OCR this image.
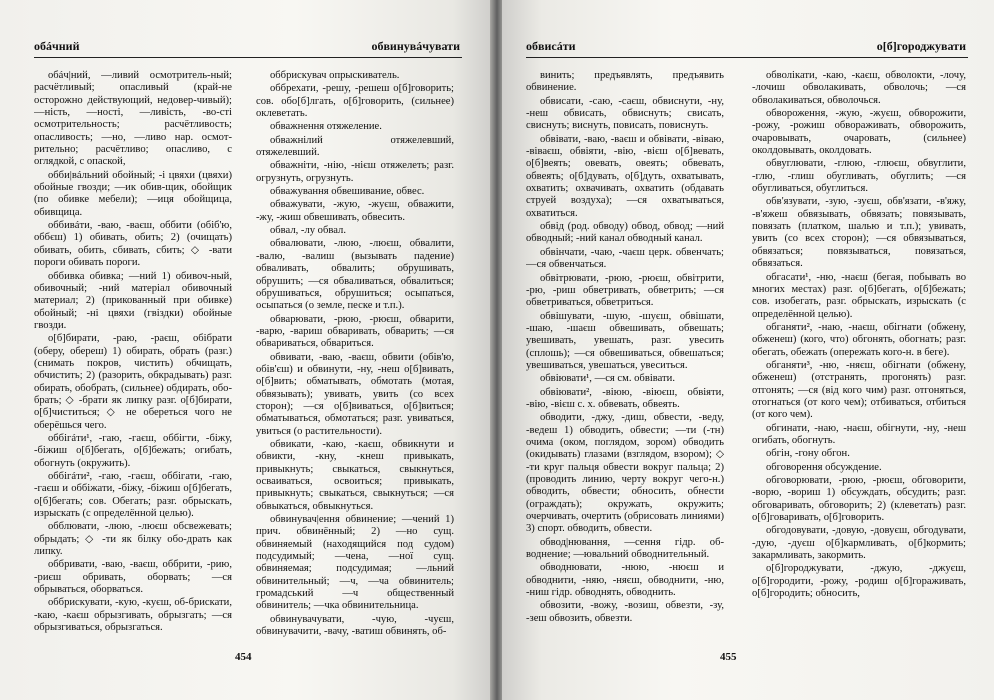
обáчний	обвинувáчувати

обáч|ний, —ливий осмотритель-ный; расчётливый; опасливый (край-не осторожно действующий, недовер-чивый); —ність, —ності, —ливість, -во-сті осмотрительность; расчётливость; опасливость; —но, —ливо нар. осмот-рительно; расчётливо; опасливо, с оглядкой, с опаской,

обби|вáльний обойный; -i цвяхи (цвяхи) обойные гвозди; —ик обив-щик, обойщик (по обивке мебели); —иця обойщица, обивщица.

оббивáти, -ваю, -ваєш, оббити (обіб'ю, оббєш) 1) обивать, обить; 2) (очищать) обивать, обить, сбивать, сбить; ◇ -вати пороги обивать пороги.

оббивка обивка; —ний 1) обивоч-ный, обивочный; -ний матеріал обивочный материал; 2) (прикованный при обивке) обойный; -ні цвяхи (гвіздки) обойные гвозди.

о[б]бирати, -раю, -раєш, обібрати (оберу, обереш) 1) обирать, обрать (разг.) (снимать покров, чистить) обчищать, обчистить; 2) (разорить, обкрадывать) разг. обирать, обобрать, (сильнее) обдирать, обо-брать; ◇ -брати як липку разг. о[б]бирати, о[б]чиститься; ◇ не обереться чого не оберёшься чего.

оббігáти¹, -гаю, -гаєш, оббігти, -біжу, -біжиш о[б]бегать, о[б]бежать; огибать, обогнуть (окружить).

оббігáти², -гаю, -гаєш, оббігати, -гаю, -гаєш и оббіжати, -біжу, -біжиш о[б]бегать, о[б]бегать; сов. Обегать; разг. обрыскать, изрыскать (с определённой целью).

обблювати, -люю, -люєш обсвежевать; обрыдать; ◇ -ти як білку обо-драть как липку.

оббривати, -ваю, -ваєш, оббрити, -рию, -риєш обривать, оборвать; —ся обрываться, оборваться.

оббрискувати, -кую, -куєш, об-брискати, -каю, -каєш обрызгивать, обрызгать; —ся обрызгиваться, обрызгаться.

оббрискувач опрыскиватель.

оббрехати, -решу, -решеш о[б]говорить; сов. обо[б]лгать, о[б]говорить, (сильнее) оклеветать.

обважнення отяжеление.

обважнілий отяжелевший, отяжелевший.

обважніти, -нію, -нієш отяжелеть; разг. огрузнуть, огрузнуть.

обважування обвешивание, обвес.

обважувати, -жую, -жуєш, обважити, -жу, -жиш обвешивать, обвесить.

обвал, -лу обвал.

обвалювати, -люю, -люєш, обвалити, -валю, -валиш (вызывать падение) обваливать, обвалить; обрушивать, обрушить; —ся обваливаться, обвалиться; обрушиваться, обрушиться; осыпаться, осыпаться (о земле, песке и т.п.).

обварювати, -рюю, -рюєш, обварити, -варю, -вариш обваривать, обварить; —ся обвариваться, обвариться.

обвивати, -ваю, -ваєш, обвити (обів'ю, обів'єш) и обвинути, -ну, -неш о[б]вивать, о[б]вить; обматывать, обмотать (мотая, обвязывать); увивать, увить (со всех сторон); —ся о[б]виваться, о[б]виться; обматываться, обмотаться; разг. увиваться, увиться (о растительности).

обвикати, -каю, -каєш, обвикнути и обвикти, -кну, -кнеш привыкать, привыкнуть; свыкаться, свыкнуться, осваиваться, освоиться; привыкать, привыкнуть; свыкаться, свыкнуться; —ся обвыкаться, обвыкнуться.

обвинувач|ення обвинение; —чений 1) прич. обвинённый; 2) —но сущ. обвиняемый (находящийся под судом) подсудимый; —чена, —ної сущ. обвиняемая; подсудимая; —льний обвинительный; —ч, —ча обвинитель; громадський —ч общественный обвинитель; —чка обвинительница.

обвинувачувати, -чую, -чуєш, обвинувачити, -вачу, -ватиш обвинять, об-

454
обвисáти	о[б]городжувати

винить; предъявлять, предъявить обвинение.

обвисати, -саю, -саєш, обвиснути, -ну, -неш обвисать, обвиснуть; свисать, свиснуть; виснуть, повисать, повиснуть.

обвівати, -ваю, -ваєш и обвівати, -віваю, -віваєш, обвіяти, -вію, -вієш о[б]вевать, о[б]веять; овевать, овеять; обвевать, обвеять; о[б]дувать, о[б]дуть, охватывать, охватить; охвачивать, охватить (обдавать струей воздуха); —ся охватываться, охватиться.

обвід (род. обводу) обвод, обвод; —ний обводный; -ний канал обводный канал.

обвінчати, -чаю, -чаєш церк. обвенчать; —ся обвенчаться.

обвітрювати, -рюю, -рюєш, обвітрити, -рю, -риш обветривать, обветрить; —ся обветриваться, обветриться.

обвішувати, -шую, -шуєш, обвішати, -шаю, -шаєш обвешивать, обвешать; увешивать, увешать, разг. увесить (сплошь); —ся обвешиваться, обвешаться; увешиваться, увешаться, увеситься.

обвіювати¹, —ся см. обвівати.

обвіювати², -віюю, -віюєш, обвіяти, -вію, -вієш с. х. обвевать, обвеять.

обводити, -джу, -диш, обвести, -веду, -ведеш 1) обводить, обвести; —ти (-тн) очима (оком, поглядом, зором) обводить (окидывать) глазами (взглядом, взором); ◇ -ти круг пальця обвести вокруг пальца; 2) (проводить линию, черту вокруг чего-н.) обводить, обвести; обносить, обнести (ограждать); окружать, окружить; очерчивать, очертить (обрисовать линиями) 3) спорт. обводить, обвести.

обвод|нювання, —сення гідр. об-воднение; —ювальний обводнительный.

обводнювати, -нюю, -нюєш и обводнити, -няю, -няєш, обводнити, -ню, -ниш гідр. обводнять, обводнить.

обвозити, -вожу, -возиш, обвезти, -зу, -зеш обвозить, обвезти.

обволікати, -каю, -каєш, обволокти, -лочу, -лочиш обволакивать, обволочь; —ся обволакиваться, обволочься.

обвороження, -жую, -жуєш, обворожити, -рожу, -рожиш обвораживать, обворожить, очаровывать, очаровать, (сильнее) околдовывать, околдовать.

обвуглювати, -глюю, -глюєш, обвуглити, -глю, -глиш обугливать, обуглить; —ся обугливаться, обуглиться.

обв'язувати, -зую, -зуєш, обв'язати, -в'яжу, -в'яжеш обвязывать, обвязать; повязывать, повязать (платком, шалью и т.п.); увивать, увить (со всех сторон); —ся обвязываться, обвязаться; повязываться, повязаться, обвязаться.

обгасати¹, -ню, -наєш (бегая, побывать во многих местах) разг. о[б]бегать, о[б]бежать; сов. изобегать, разг. обрыскать, изрыскать (с определённой целью).

обганяти², -наю, -наєш, обігнати (обжену, обженеш) (кого, что) обгонять, обогнать; разг. обегать, обежать (опережать кого-н. в беге).

обганяти³, -ню, -няєш, обігнати (обжену, обженеш) (отстранять, прогонять) разг. отгонять; —ся (від кого чим) разг. отгоняться, отогнаться (от кого чем); отбиваться, отбиться (от кого чем).

обгинати, -наю, -наєш, обігнути, -ну, -неш огибать, обогнуть.

обгін, -гону обгон.

обговорення обсуждение.

обговорювати, -рюю, -рюєш, обговорити, -ворю, -вориш 1) обсуждать, обсудить; разг. обговаривать, обговорить; 2) (клеветать) разг. о[б]говаривать, о[б]говорить.

обгодовувати, -довую, -довуєш, обгодувати, -дую, -дуєш о[б]кармливать, о[б]кормить; закармливать, закормить.

о[б]городжувати, -джую, -джуєш, о[б]городити, -рожу, -родиш о[б]гораживать, о[б]городить; обносить,

455
